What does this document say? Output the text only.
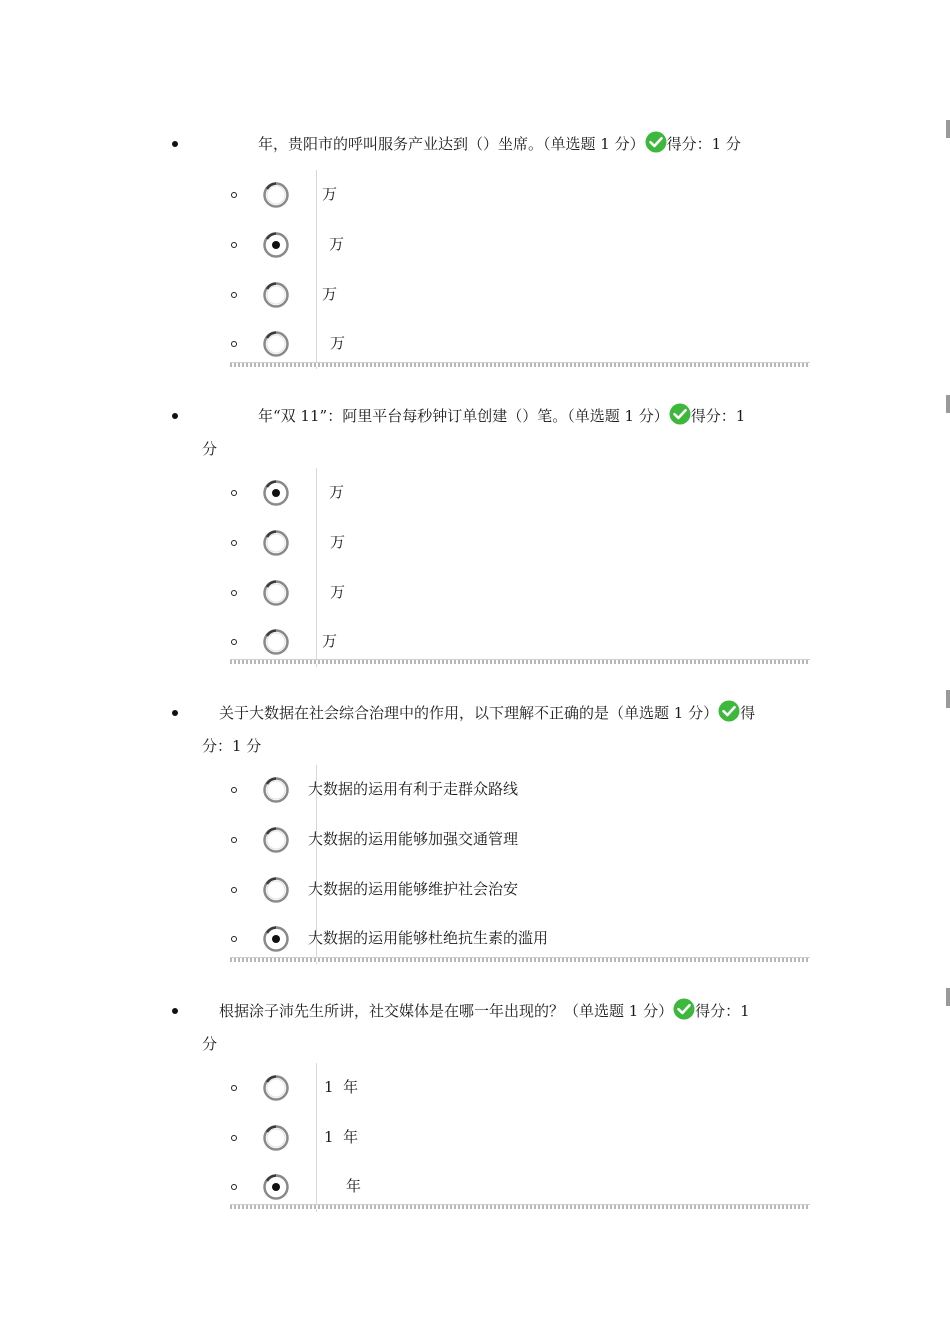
年，贵阳市的呼叫服务产业达到（）坐席。（单选题 1 分） 得分：1 分
万
万
万
万
年“双 11”：阿里平台每秒钟订单创建（）笔。（单选题 1 分） 得分：1
分
万
万
万
万
关于大数据在社会综合治理中的作用，以下理解不正确的是（单选题 1 分） 得
分：1 分
大数据的运用有利于走群众路线
大数据的运用能够加强交通管理
大数据的运用能够维护社会治安
大数据的运用能够杜绝抗生素的滥用
根据涂子沛先生所讲，社交媒体是在哪一年出现的？（单选题 1 分） 得分：1
分
1  年
1  年
年
